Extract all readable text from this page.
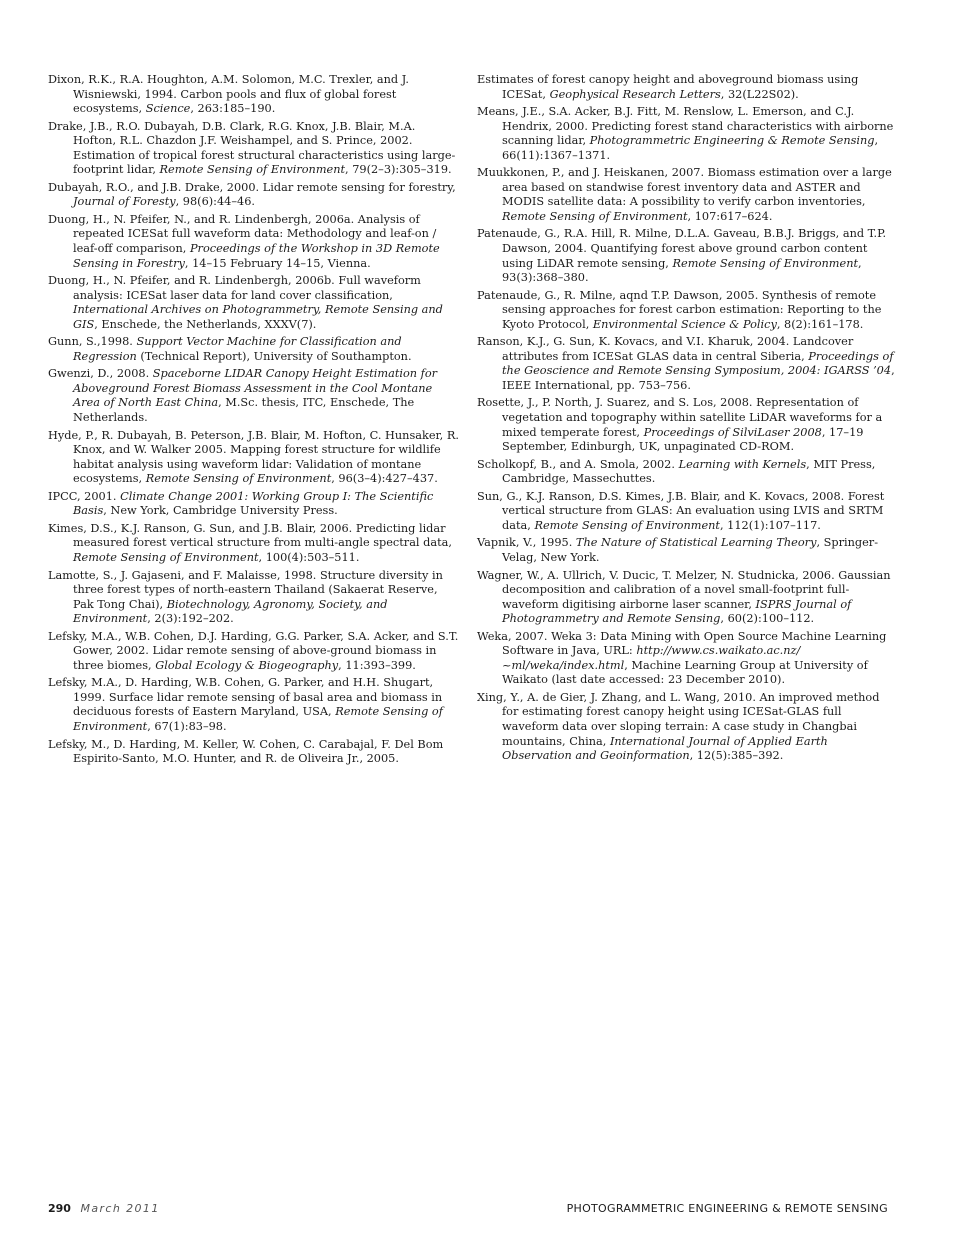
Dixon, R.K., R.A. Houghton, A.M. Solomon, M.C. Trexler, and J. Wisniewski, 1994. Carbon pools and flux of global forest ecosystems, Science, 263:185–190.

Drake, J.B., R.O. Dubayah, D.B. Clark, R.G. Knox, J.B. Blair, M.A. Hofton, R.L. Chazdon J.F. Weishampel, and S. Prince, 2002. Estimation of tropical forest structural characteristics using large-footprint lidar, Remote Sensing of Environment, 79(2–3):305–319.

Dubayah, R.O., and J.B. Drake, 2000. Lidar remote sensing for forestry, Journal of Foresty, 98(6):44–46.

Duong, H., N. Pfeifer, N., and R. Lindenbergh, 2006a. Analysis of repeated ICESat full waveform data: Methodology and leaf-on / leaf-off comparison, Proceedings of the Workshop in 3D Remote Sensing in Forestry, 14–15 February 14–15, Vienna.

Duong, H., N. Pfeifer, and R. Lindenbergh, 2006b. Full waveform analysis: ICESat laser data for land cover classification, International Archives on Photogrammetry, Remote Sensing and GIS, Enschede, the Netherlands, XXXV(7).

Gunn, S.,1998. Support Vector Machine for Classification and Regression (Technical Report), University of Southampton.

Gwenzi, D., 2008. Spaceborne LIDAR Canopy Height Estimation for Aboveground Forest Biomass Assessment in the Cool Montane Area of North East China, M.Sc. thesis, ITC, Enschede, The Netherlands.

Hyde, P., R. Dubayah, B. Peterson, J.B. Blair, M. Hofton, C. Hunsaker, R. Knox, and W. Walker 2005. Mapping forest structure for wildlife habitat analysis using waveform lidar: Validation of montane ecosystems, Remote Sensing of Environment, 96(3–4):427–437.

IPCC, 2001. Climate Change 2001: Working Group I: The Scientific Basis, New York, Cambridge University Press.

Kimes, D.S., K.J. Ranson, G. Sun, and J.B. Blair, 2006. Predicting lidar measured forest vertical structure from multi-angle spectral data, Remote Sensing of Environment, 100(4):503–511.

Lamotte, S., J. Gajaseni, and F. Malaisse, 1998. Structure diversity in three forest types of north-eastern Thailand (Sakaerat Reserve, Pak Tong Chai), Biotechnology, Agronomy, Society, and Environment, 2(3):192–202.

Lefsky, M.A., W.B. Cohen, D.J. Harding, G.G. Parker, S.A. Acker, and S.T. Gower, 2002. Lidar remote sensing of above-ground biomass in three biomes, Global Ecology & Biogeography, 11:393–399.

Lefsky, M.A., D. Harding, W.B. Cohen, G. Parker, and H.H. Shugart, 1999. Surface lidar remote sensing of basal area and biomass in deciduous forests of Eastern Maryland, USA, Remote Sensing of Environment, 67(1):83–98.

Lefsky, M., D. Harding, M. Keller, W. Cohen, C. Carabajal, F. Del Bom Espirito-Santo, M.O. Hunter, and R. de Oliveira Jr., 2005.

Estimates of forest canopy height and aboveground biomass using ICESat, Geophysical Research Letters, 32(L22S02).

Means, J.E., S.A. Acker, B.J. Fitt, M. Renslow, L. Emerson, and C.J. Hendrix, 2000. Predicting forest stand characteristics with airborne scanning lidar, Photogrammetric Engineering & Remote Sensing, 66(11):1367–1371.

Muukkonen, P., and J. Heiskanen, 2007. Biomass estimation over a large area based on standwise forest inventory data and ASTER and MODIS satellite data: A possibility to verify carbon inventories, Remote Sensing of Environment, 107:617–624.

Patenaude, G., R.A. Hill, R. Milne, D.L.A. Gaveau, B.B.J. Briggs, and T.P. Dawson, 2004. Quantifying forest above ground carbon content using LiDAR remote sensing, Remote Sensing of Environment, 93(3):368–380.

Patenaude, G., R. Milne, aqnd T.P. Dawson, 2005. Synthesis of remote sensing approaches for forest carbon estimation: Reporting to the Kyoto Protocol, Environmental Science & Policy, 8(2):161–178.

Ranson, K.J., G. Sun, K. Kovacs, and V.I. Kharuk, 2004. Landcover attributes from ICESat GLAS data in central Siberia, Proceedings of the Geoscience and Remote Sensing Symposium, 2004: IGARSS ’04, IEEE International, pp. 753–756.

Rosette, J., P. North, J. Suarez, and S. Los, 2008. Representation of vegetation and topography within satellite LiDAR waveforms for a mixed temperate forest, Proceedings of SilviLaser 2008, 17–19 September, Edinburgh, UK, unpaginated CD-ROM.

Scholkopf, B., and A. Smola, 2002. Learning with Kernels, MIT Press, Cambridge, Massechuttes.

Sun, G., K.J. Ranson, D.S. Kimes, J.B. Blair, and K. Kovacs, 2008. Forest vertical structure from GLAS: An evaluation using LVIS and SRTM data, Remote Sensing of Environment, 112(1):107–117.

Vapnik, V., 1995. The Nature of Statistical Learning Theory, Springer-Velag, New York.

Wagner, W., A. Ullrich, V. Ducic, T. Melzer, N. Studnicka, 2006. Gaussian decomposition and calibration of a novel small-footprint full-waveform digitising airborne laser scanner, ISPRS Journal of Photogrammetry and Remote Sensing, 60(2):100–112.

Weka, 2007. Weka 3: Data Mining with Open Source Machine Learning Software in Java, URL: http://www.cs.waikato.ac.nz/ ~ml/weka/index.html, Machine Learning Group at University of Waikato (last date accessed: 23 December 2010).

Xing, Y., A. de Gier, J. Zhang, and L. Wang, 2010. An improved method for estimating forest canopy height using ICESat-GLAS full waveform data over sloping terrain: A case study in Changbai mountains, China, International Journal of Applied Earth Observation and Geoinformation, 12(5):385–392.

290 March 2011	PHOTOGRAMMETRIC ENGINEERING & REMOTE SENSING
